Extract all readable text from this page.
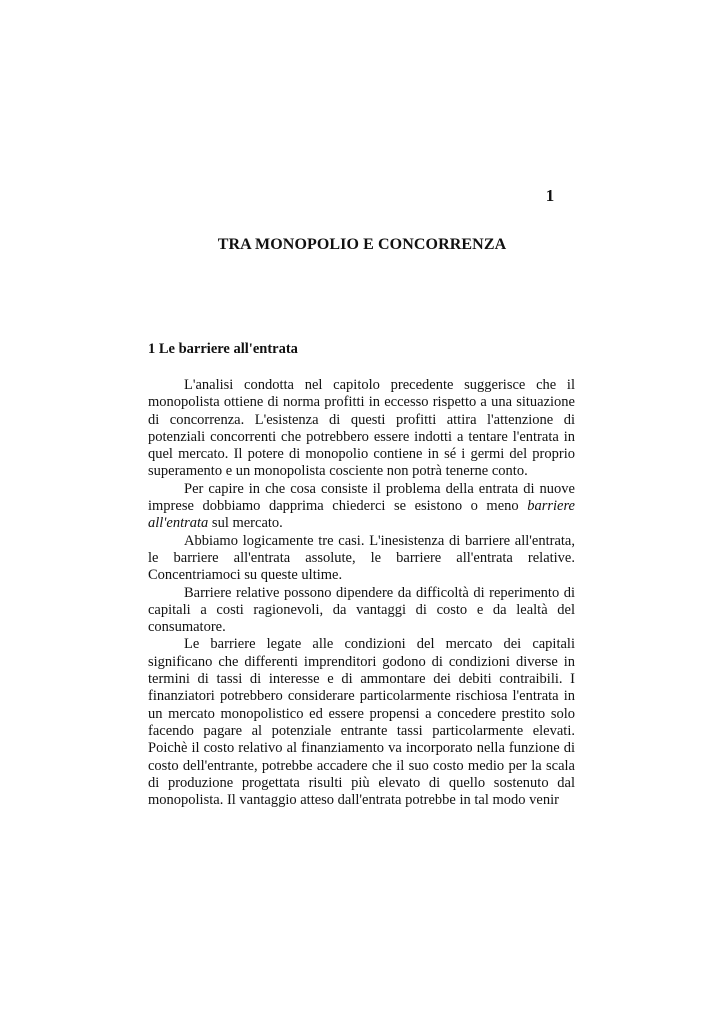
1
TRA MONOPOLIO E CONCORRENZA
1 Le barriere all'entrata

L'analisi condotta nel capitolo precedente suggerisce che il monopolista ottiene di norma profitti in eccesso rispetto a una situazione di concorrenza. L'esistenza di questi profitti attira l'attenzione di potenziali concorrenti che potrebbero essere indotti a tentare l'entrata in quel mercato. Il potere di monopolio contiene in sé i germi del proprio superamento e un monopolista cosciente non potrà tenerne conto.

Per capire in che cosa consiste il problema della entrata di nuove imprese dobbiamo dapprima chiederci se esistono o meno barriere all'entrata sul mercato.

Abbiamo logicamente tre casi. L'inesistenza di barriere all'entrata, le barriere all'entrata assolute, le barriere all'entrata relative. Concentriamoci su queste ultime.

Barriere relative possono dipendere da difficoltà di reperimento di capitali a costi ragionevoli, da vantaggi di costo e da lealtà del consumatore.

Le barriere legate alle condizioni del mercato dei capitali significano che differenti imprenditori godono di condizioni diverse in termini di tassi di interesse e di ammontare dei debiti contraibili. I finanziatori potrebbero considerare particolarmente rischiosa l'entrata in un mercato monopolistico ed essere propensi a concedere prestito solo facendo pagare al potenziale entrante tassi particolarmente elevati. Poichè il costo relativo al finanziamento va incorporato nella funzione di costo dell'entrante, potrebbe accadere che il suo costo medio per la scala di produzione progettata risulti più elevato di quello sostenuto dal monopolista. Il vantaggio atteso dall'entrata potrebbe in tal modo venir
